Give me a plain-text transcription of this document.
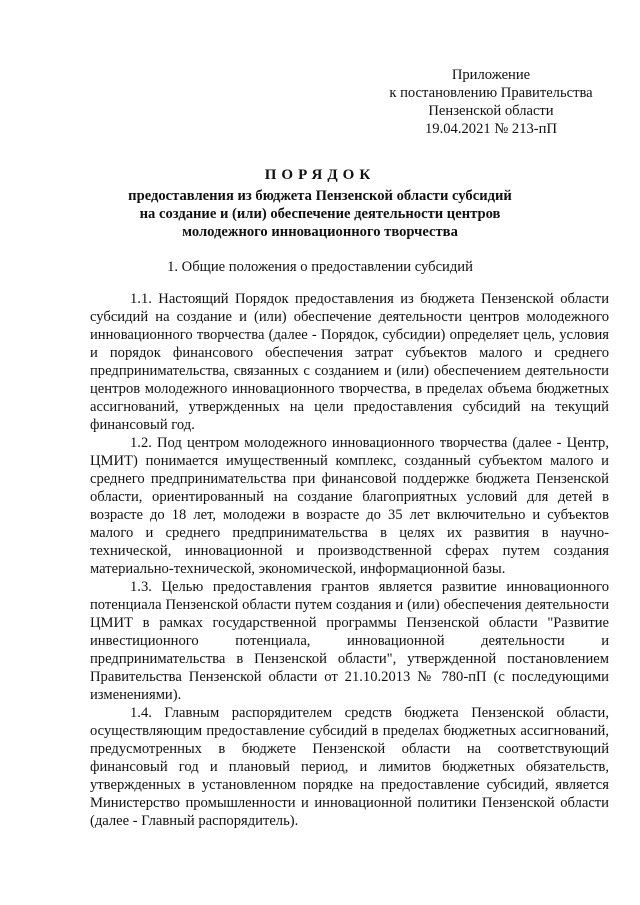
Приложение
к постановлению Правительства
Пензенской области
19.04.2021 № 213-пП
ПОРЯДОК
предоставления из бюджета Пензенской области субсидий
на создание и (или) обеспечение деятельности центров
молодежного инновационного творчества
1. Общие положения о предоставлении субсидий

1.1. Настоящий Порядок предоставления из бюджета Пензенской области субсидий на создание и (или) обеспечение деятельности центров молодежного инновационного творчества (далее - Порядок, субсидии) определяет цель, условия и порядок финансового обеспечения затрат субъектов малого и среднего предпринимательства, связанных с созданием и (или) обеспечением деятельности центров молодежного инновационного творчества, в пределах объема бюджетных ассигнований, утвержденных на цели предоставления субсидий на текущий финансовый год.

1.2. Под центром молодежного инновационного творчества (далее - Центр, ЦМИТ) понимается имущественный комплекс, созданный субъектом малого и среднего предпринимательства при финансовой поддержке бюджета Пензенской области, ориентированный на создание благоприятных условий для детей в возрасте до 18 лет, молодежи в возрасте до 35 лет включительно и субъектов малого и среднего предпринимательства в целях их развития в научно-технической, инновационной и производственной сферах путем создания материально-технической, экономической, информационной базы.

1.3. Целью предоставления грантов является развитие инновационного потенциала Пензенской области путем создания и (или) обеспечения деятельности ЦМИТ в рамках государственной программы Пензенской области "Развитие инвестиционного потенциала, инновационной деятельности и предпринимательства в Пензенской области", утвержденной постановлением Правительства Пензенской области от 21.10.2013 № 780-пП (с последующими изменениями).

1.4. Главным распорядителем средств бюджета Пензенской области, осуществляющим предоставление субсидий в пределах бюджетных ассигнований, предусмотренных в бюджете Пензенской области на соответствующий финансовый год и плановый период, и лимитов бюджетных обязательств, утвержденных в установленном порядке на предоставление субсидий, является Министерство промышленности и инновационной политики Пензенской области (далее - Главный распорядитель).
